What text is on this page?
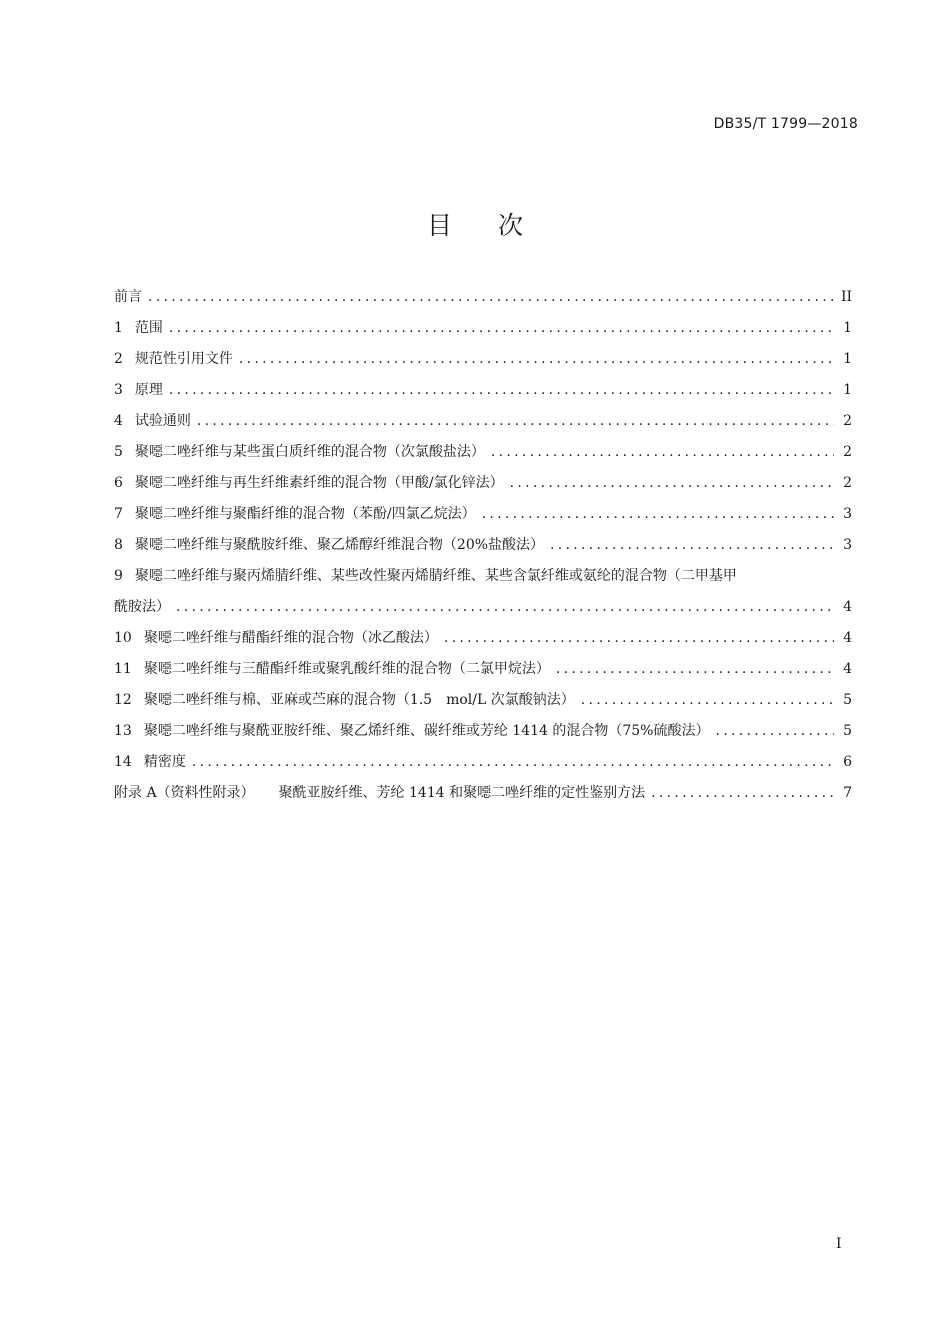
DB35/T 1799—2018
目 次
前言 .....	II
1 范围 .....	1
2 规范性引用文件 .....	1
3 原理 .....	1
4 试验通则 .....	2
5 聚噁二唑纤维与某些蛋白质纤维的混合物（次氯酸盐法） .....	2
6 聚噁二唑纤维与再生纤维素纤维的混合物（甲酸/氯化锌法） .....	2
7 聚噁二唑纤维与聚酯纤维的混合物（苯酚/四氯乙烷法） .....	3
8 聚噁二唑纤维与聚酰胺纤维、聚乙烯醇纤维混合物（20%盐酸法） .....	3
9 聚噁二唑纤维与聚丙烯腈纤维、某些改性聚丙烯腈纤维、某些含氯纤维或氨纶的混合物（二甲基甲
酰胺法） .....	4
10 聚噁二唑纤维与醋酯纤维的混合物（冰乙酸法） .....	4
11 聚噁二唑纤维与三醋酯纤维或聚乳酸纤维的混合物（二氯甲烷法） .....	4
12 聚噁二唑纤维与棉、亚麻或苎麻的混合物（1.5　mol/L 次氯酸钠法） .....	5
13 聚噁二唑纤维与聚酰亚胺纤维、聚乙烯纤维、碳纤维或芳纶 1414 的混合物（75%硫酸法） .....	5
14 精密度 .....	6
附录 A（资料性附录） 聚酰亚胺纤维、芳纶 1414 和聚噁二唑纤维的定性鉴别方法 .....	7
I
